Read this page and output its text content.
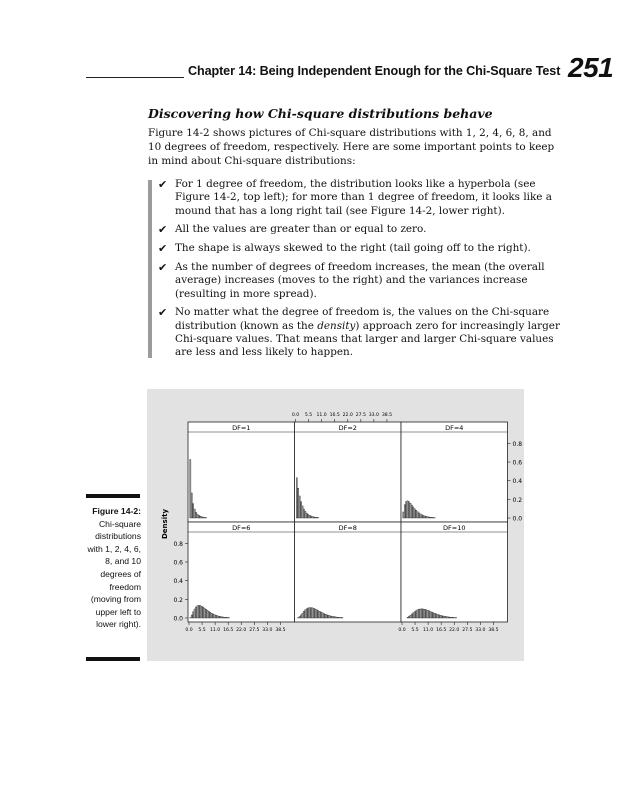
Chapter 14: Being Independent Enough for the Chi-Square Test 251
Discovering how Chi-square distributions behave

Figure 14-2 shows pictures of Chi-square distributions with 1, 2, 4, 6, 8, and 10 degrees of freedom, respectively. Here are some important points to keep in mind about Chi-square distributions:

✔ For 1 degree of freedom, the distribution looks like a hyperbola (see Figure 14-2, top left); for more than 1 degree of freedom, it looks like a mound that has a long right tail (see Figure 14-2, lower right).
✔ All the values are greater than or equal to zero.
✔ The shape is always skewed to the right (tail going off to the right).
✔ As the number of degrees of freedom increases, the mean (the overall average) increases (moves to the right) and the variances increase (resulting in more spread).
✔ No matter what the degree of freedom is, the values on the Chi-square distribution (known as the density) approach zero for increasingly larger Chi-square values. That means that larger and larger Chi-square values are less and less likely to happen.
Figure 14-2:
Chi-square distributions with 1, 2, 4, 6, 8, and 10 degrees of freedom (moving from upper left to lower right).
DF=1	DF=2	DF=4
DF=6	DF=8	DF=10
0.0
0.0
0.2
0.2
0.4
0.4
0.6
0.6
0.8
0.8
Density
0.0
0.0	0.0
5.5
5.5	5.5
11.0
11.0	11.0
16.5
16.5	16.5
22.0
22.0	22.0
27.5
27.5	27.5
33.0
33.0	33.0
38.5
38.5	38.5
